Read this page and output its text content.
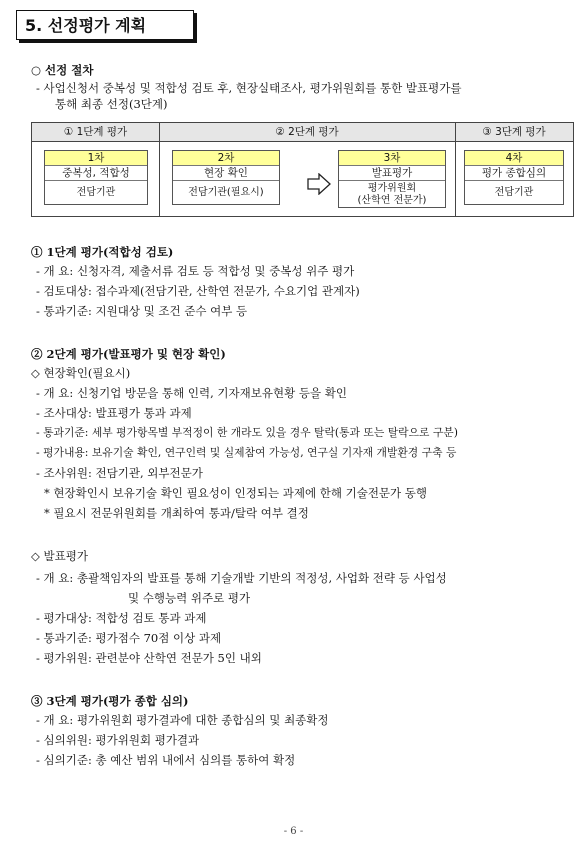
5. 선정평가 계획
○ 선정 절차
- 사업신청서 중복성 및 적합성 검토 후, 현장실태조사, 평가위원회를 통한 발표평가를
통해 최종 선정(3단계)
① 1단계 평가	② 2단계 평가	③ 3단계 평가
1차
중복성, 적합성
전담기관
2차
현장 확인
전담기관(필요시)
3차
발표평가
평가위원회
(산학연 전문가)
4차
평가 종합심의
전담기관
① 1단계 평가(적합성 검토)
- 개 요: 신청자격, 제출서류 검토 등 적합성 및 중복성 위주 평가
- 검토대상: 접수과제(전담기관, 산학연 전문가, 수요기업 관계자)
- 통과기준: 지원대상 및 조건 준수 여부 등
② 2단계 평가(발표평가 및 현장 확인)
◇ 현장확인(필요시)
- 개 요: 신청기업 방문을 통해 인력, 기자재보유현황 등을 확인
- 조사대상: 발표평가 통과 과제
- 통과기준: 세부 평가항목별 부적정이 한 개라도 있을 경우 탈락(통과 또는 탈락으로 구분)
- 평가내용: 보유기술 확인, 연구인력 및 실제참여 가능성, 연구실 기자재 개발환경 구축 등
- 조사위원: 전담기관, 외부전문가
* 현장확인시 보유기술 확인 필요성이 인정되는 과제에 한해 기술전문가 동행
* 필요시 전문위원회를 개최하여 통과/탈락 여부 결정
◇ 발표평가
- 개 요: 총괄책임자의 발표를 통해 기술개발 기반의 적정성, 사업화 전략 등 사업성
및 수행능력 위주로 평가
- 평가대상: 적합성 검토 통과 과제
- 통과기준: 평가점수 70점 이상 과제
- 평가위원: 관련분야 산학연 전문가 5인 내외
③ 3단계 평가(평가 종합 심의)
- 개 요: 평가위원회 평가결과에 대한 종합심의 및 최종확정
- 심의위원: 평가위원회 평가결과
- 심의기준: 총 예산 범위 내에서 심의를 통하여 확정
- 6 -
